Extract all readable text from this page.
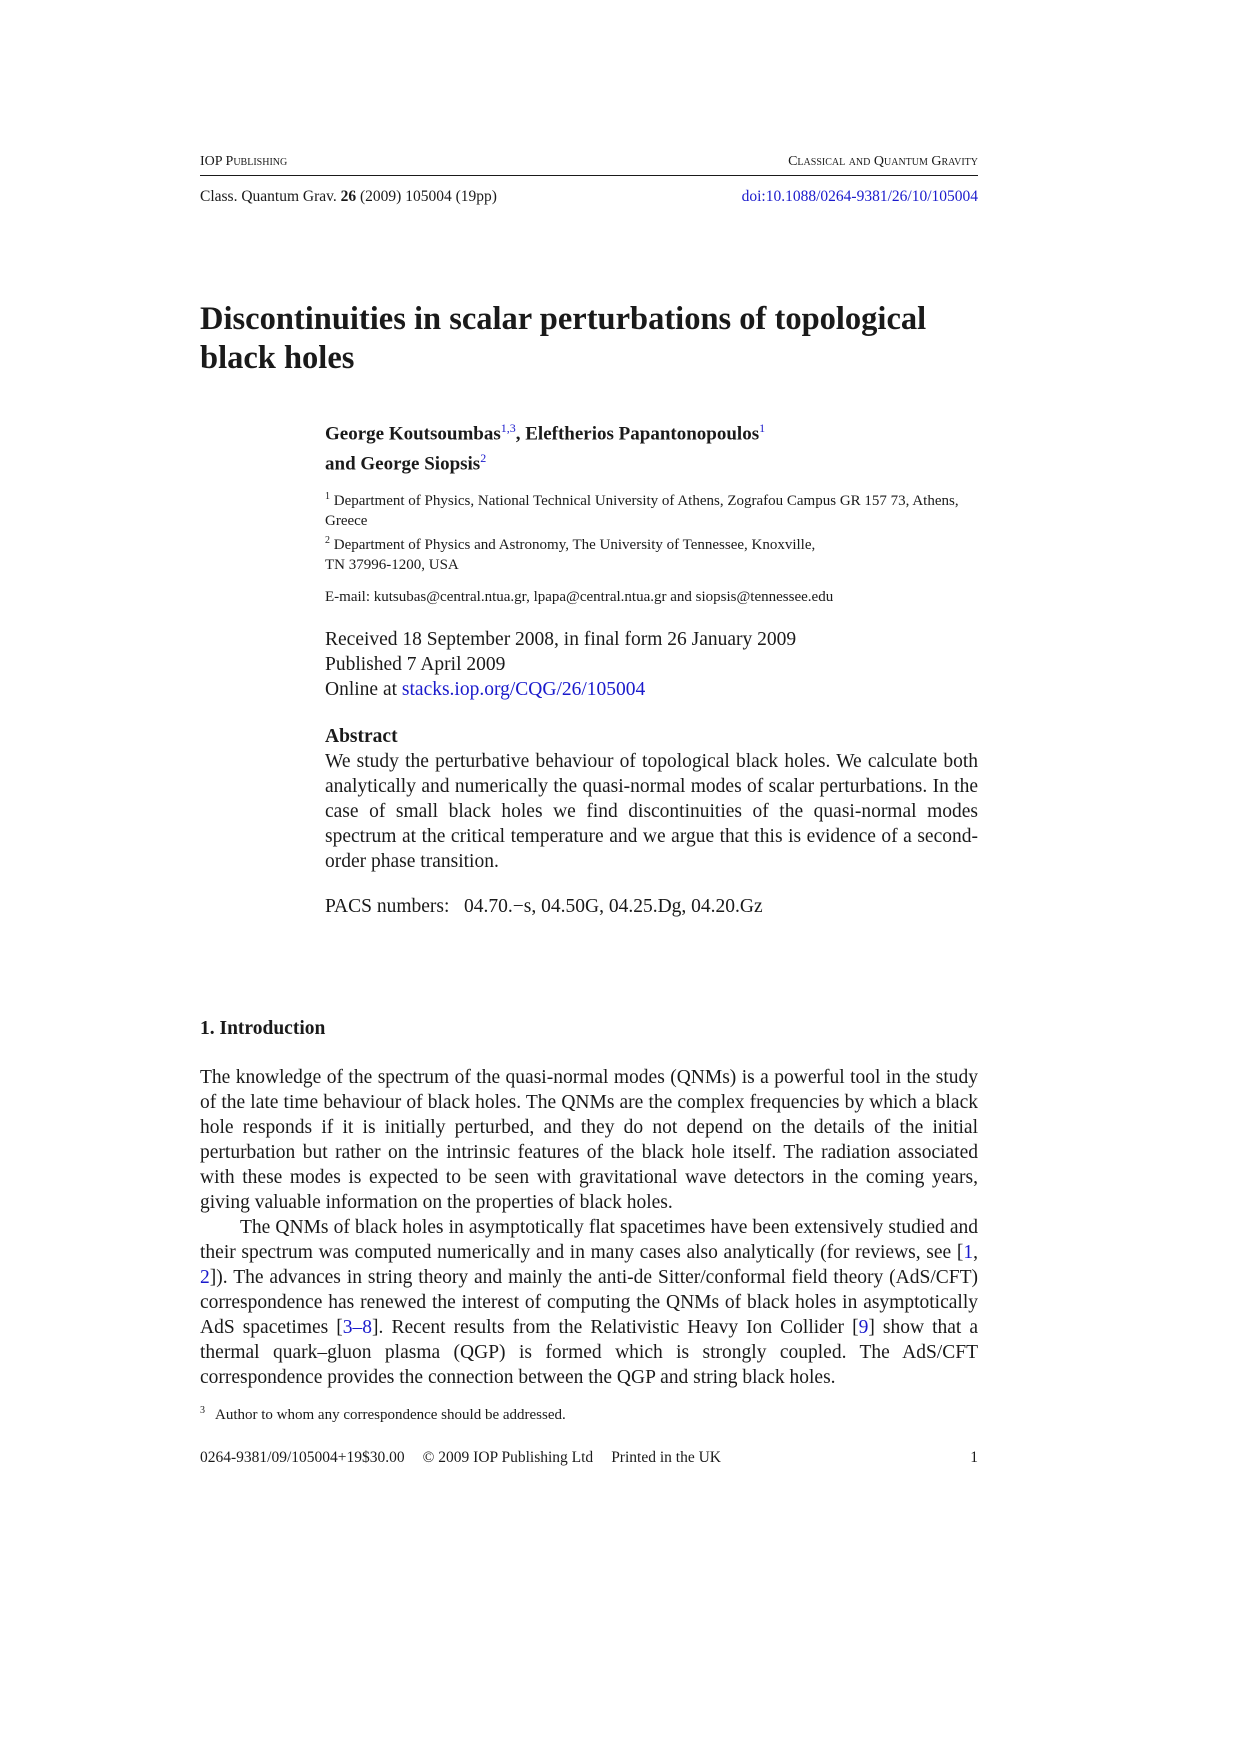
IOP Publishing	Classical and Quantum Gravity
Class. Quantum Grav. 26 (2009) 105004 (19pp)	doi:10.1088/0264-9381/26/10/105004
Discontinuities in scalar perturbations of topological black holes
George Koutsoumbas$^{1,3}$, Eleftherios Papantonopoulos$^1$
and George Siopsis$^2$
$^1$ Department of Physics, National Technical University of Athens, Zografou Campus GR 157 73, Athens, Greece
$^2$ Department of Physics and Astronomy, The University of Tennessee, Knoxville, TN 37996-1200, USA
E-mail: kutsubas@central.ntua.gr, lpapa@central.ntua.gr and siopsis@tennessee.edu
Received 18 September 2008, in final form 26 January 2009
Published 7 April 2009
Online at stacks.iop.org/CQG/26/105004
Abstract
We study the perturbative behaviour of topological black holes. We calculate both analytically and numerically the quasi-normal modes of scalar perturbations. In the case of small black holes we find discontinuities of the quasi-normal modes spectrum at the critical temperature and we argue that this is evidence of a second-order phase transition.
PACS numbers:   04.70.−s, 04.50G, 04.25.Dg, 04.20.Gz
1. Introduction

The knowledge of the spectrum of the quasi-normal modes (QNMs) is a powerful tool in the study of the late time behaviour of black holes. The QNMs are the complex frequencies by which a black hole responds if it is initially perturbed, and they do not depend on the details of the initial perturbation but rather on the intrinsic features of the black hole itself. The radiation associated with these modes is expected to be seen with gravitational wave detectors in the coming years, giving valuable information on the properties of black holes.

The QNMs of black holes in asymptotically flat spacetimes have been extensively studied and their spectrum was computed numerically and in many cases also analytically (for reviews, see [1, 2]). The advances in string theory and mainly the anti-de Sitter/conformal field theory (AdS/CFT) correspondence has renewed the interest of computing the QNMs of black holes in asymptotically AdS spacetimes [3–8]. Recent results from the Relativistic Heavy Ion Collider [9] show that a thermal quark–gluon plasma (QGP) is formed which is strongly coupled. The AdS/CFT correspondence provides the connection between the QGP and string black holes.

$^3$ Author to whom any correspondence should be addressed.
0264-9381/09/105004+19$30.00 © 2009 IOP Publishing Ltd Printed in the UK	1
